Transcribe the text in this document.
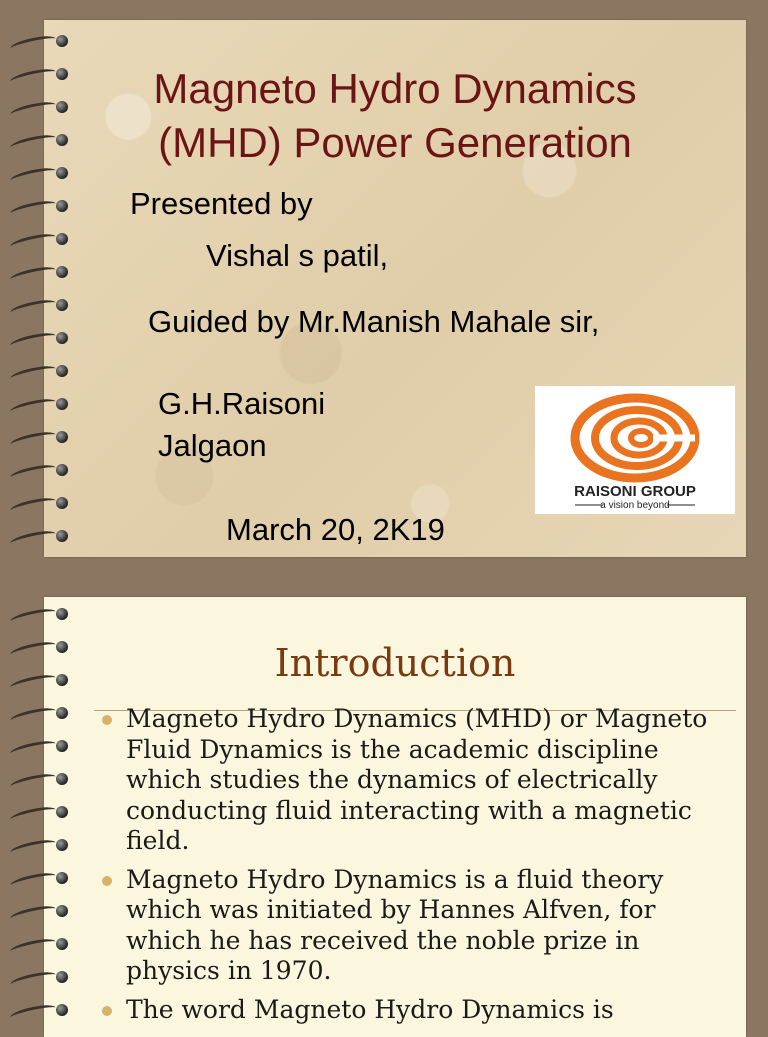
Magneto Hydro Dynamics
(MHD) Power Generation
Presented by
Vishal s patil,
Guided by Mr.Manish Mahale sir,
G.H.Raisoni
Jalgaon
March 20, 2K19
RAISONI GROUP
a vision beyond
Introduction
Magneto Hydro Dynamics (MHD) or Magneto Fluid Dynamics is the academic discipline which studies the dynamics of electrically conducting fluid interacting with a magnetic field.
Magneto Hydro Dynamics is a fluid theory which was initiated by Hannes Alfven, for which he has received the noble prize in physics in 1970.
The word Magneto Hydro Dynamics is
